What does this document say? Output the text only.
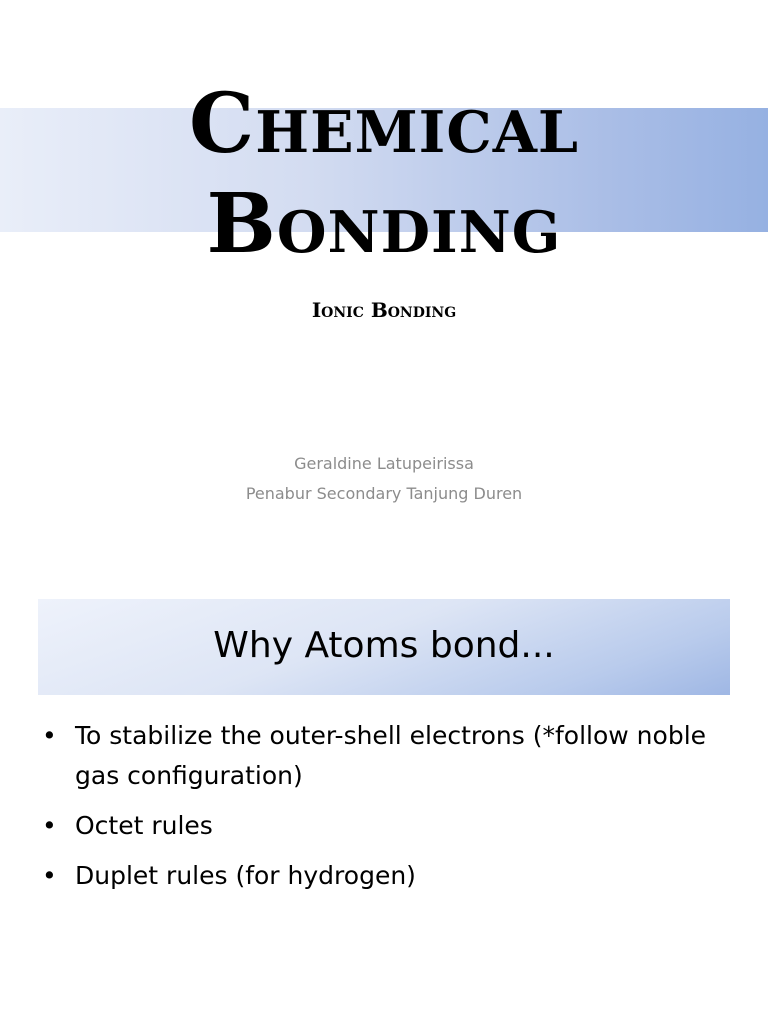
Chemical
Bonding
Ionic Bonding
Geraldine Latupeirissa
Penabur Secondary Tanjung Duren
Why Atoms bond...
• To stabilize the outer-shell electrons (*follow noble gas configuration)
• Octet rules
• Duplet rules (for hydrogen)
